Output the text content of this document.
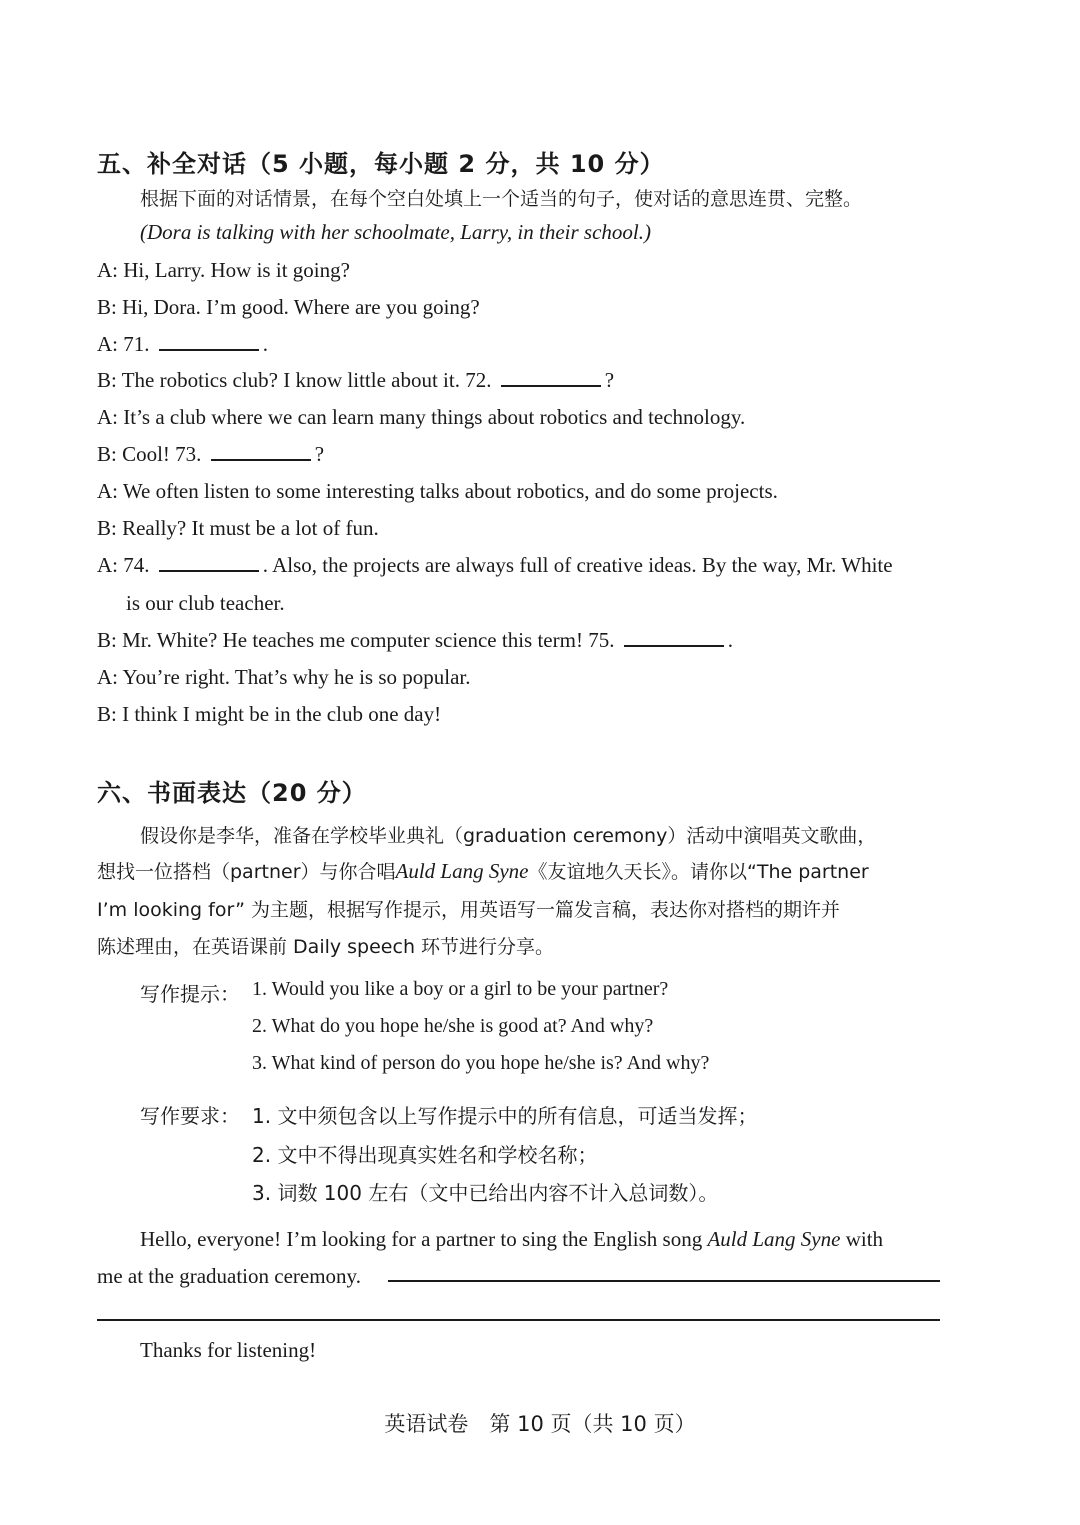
五、补全对话（5 小题，每小题 2 分，共 10 分）
根据下面的对话情景，在每个空白处填上一个适当的句子，使对话的意思连贯、完整。
(Dora is talking with her schoolmate, Larry, in their school.)
A: Hi, Larry. How is it going?
B: Hi, Dora. I’m good. Where are you going?
A: 71.	.
B: The robotics club? I know little about it. 72.	?
A: It’s a club where we can learn many things about robotics and technology.
B: Cool! 73.	?
A: We often listen to some interesting talks about robotics, and do some projects.
B: Really? It must be a lot of fun.
A: 74.	. Also, the projects are always full of creative ideas. By the way, Mr. White
is our club teacher.
B: Mr. White? He teaches me computer science this term! 75.	.
A: You’re right. That’s why he is so popular.
B: I think I might be in the club one day!
六、书面表达（20 分）
假设你是李华，准备在学校毕业典礼（graduation ceremony）活动中演唱英文歌曲，
想找一位搭档（partner）与你合唱Auld Lang Syne《友谊地久天长》。请你以“The partner
I’m looking for” 为主题，根据写作提示，用英语写一篇发言稿，表达你对搭档的期许并
陈述理由，在英语课前 Daily speech 环节进行分享。
写作提示： 1. Would you like a boy or a girl to be your partner?
2. What do you hope he/she is good at? And why?
3. What kind of person do you hope he/she is? And why?
写作要求： 1. 文中须包含以上写作提示中的所有信息，可适当发挥；
2. 文中不得出现真实姓名和学校名称；
3. 词数 100 左右（文中已给出内容不计入总词数）。
Hello, everyone! I’m looking for a partner to sing the English song Auld Lang Syne with
me at the graduation ceremony.
Thanks for listening!
英语试卷　第 10 页（共 10 页）
